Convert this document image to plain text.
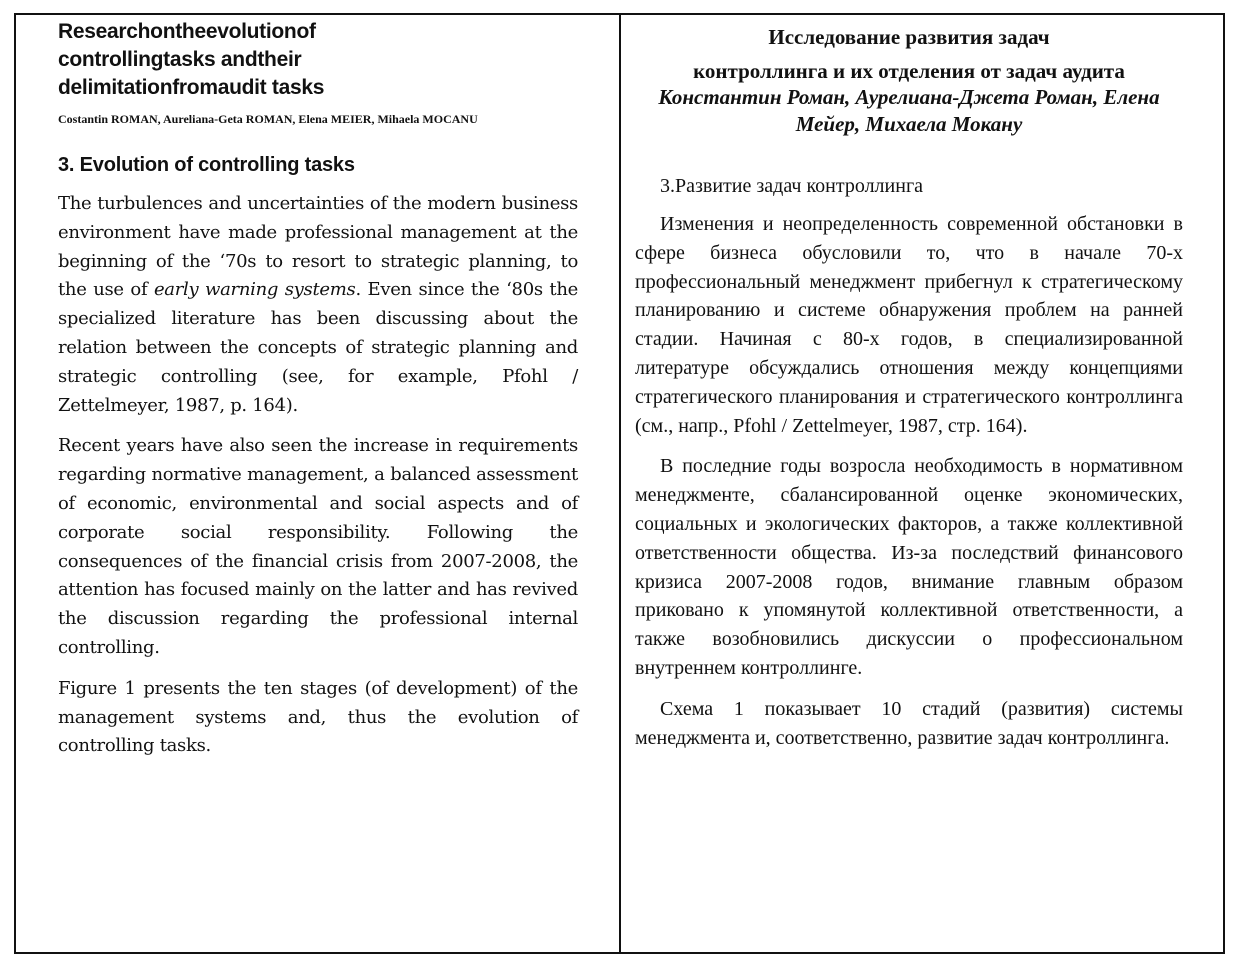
Researchontheevolutionof
controllingtasks andtheir
delimitationfromaudit tasks

Costantin ROMAN, Aureliana-Geta ROMAN, Elena MEIER, Mihaela MOCANU

3. Evolution of controlling tasks

The turbulences and uncertainties of the modern business environment have made professional management at the beginning of the ‘70s to resort to strategic planning, to the use of early warning systems. Even since the ‘80s the specialized literature has been discussing about the relation between the concepts of strategic planning and strategic controlling (see, for example, Pfohl / Zettelmeyer, 1987, p. 164).

Recent years have also seen the increase in requirements regarding normative management, a balanced assessment of economic, environmental and social aspects and of corporate social responsibility. Following the consequences of the financial crisis from 2007-2008, the attention has focused mainly on the latter and has revived the discussion regarding the professional internal controlling.

Figure 1 presents the ten stages (of development) of the management systems and, thus the evolution of controlling tasks.

Исследование развития задач

контроллинга и их отделения от задач аудита

Константин Роман, Аурелиана-Джета Роман, Елена Мейер, Михаела Мокану

3.Развитие задач контроллинга

Изменения и неопределенность современной обстановки в сфере бизнеса обусловили то, что в начале 70-х профессиональный менеджмент прибегнул к стратегическому планированию и системе обнаружения проблем на ранней стадии. Начиная с 80-х годов, в специализированной литературе обсуждались отношения между концепциями стратегического планирования и стратегического контроллинга (см., напр., Pfohl / Zettelmeyer, 1987, стр. 164).

В последние годы возросла необходимость в нормативном менеджменте, сбалансированной оценке экономических, социальных и экологических факторов, а также коллективной ответственности общества. Из-за последствий финансового кризиса 2007-2008 годов, внимание главным образом приковано к упомянутой коллективной ответственности, а также возобновились дискуссии о профессиональном внутреннем контроллинге.

Схема 1 показывает 10 стадий (развития) системы менеджмента и, соответственно, развитие задач контроллинга.
